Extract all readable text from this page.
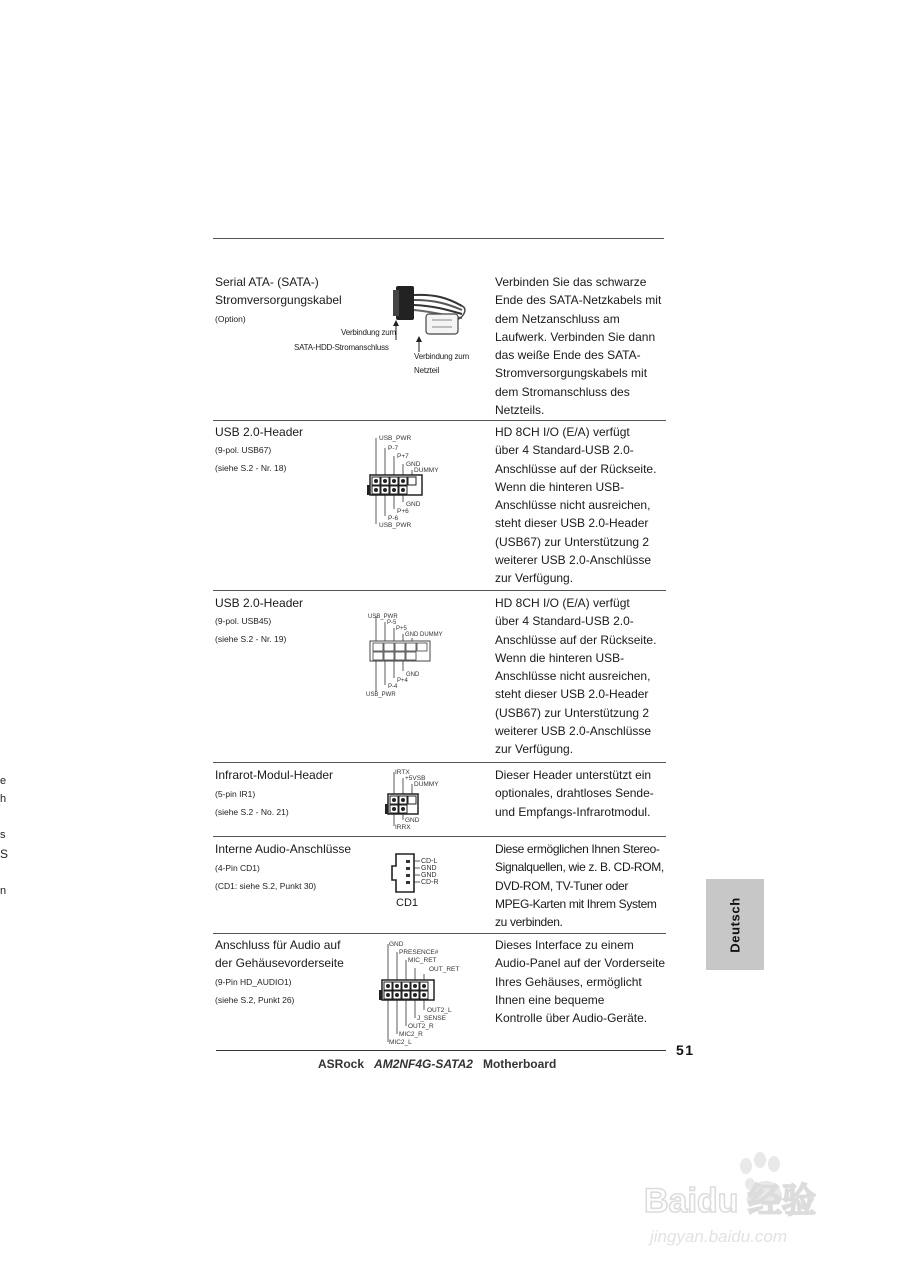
Serial ATA- (SATA-)
Stromversorgungskabel
(Option)
Verbindung zum
SATA-HDD-Stromanschluss
Verbindung zum
Netzteil
Verbinden Sie das schwarze
Ende des SATA-Netzkabels mit
dem Netzanschluss am
Laufwerk. Verbinden Sie dann
das weiße Ende des SATA-
Stromversorgungskabels mit
dem Stromanschluss des
Netzteils.
USB 2.0-Header
(9-pol. USB67)
(siehe S.2 - Nr. 18)
USB_PWR
P-7
P+7
GND
DUMMY
GND
P+6
P-6
USB_PWR
HD 8CH I/O (E/A) verfügt
über 4 Standard-USB 2.0-
Anschlüsse auf der Rückseite.
Wenn die hinteren USB-
Anschlüsse nicht ausreichen,
steht dieser USB 2.0-Header
(USB67) zur Unterstützung 2
weiterer USB 2.0-Anschlüsse
zur Verfügung.
USB 2.0-Header
(9-pol. USB45)
(siehe S.2 - Nr. 19)
USB_PWR
P-5
P+5
GND DUMMY
GND
P+4
P-4
USB_PWR
HD 8CH I/O (E/A) verfügt
über 4 Standard-USB 2.0-
Anschlüsse auf der Rückseite.
Wenn die hinteren USB-
Anschlüsse nicht ausreichen,
steht dieser USB 2.0-Header
(USB67) zur Unterstützung 2
weiterer USB 2.0-Anschlüsse
zur Verfügung.
Infrarot-Modul-Header
(5-pin IR1)
(siehe S.2 - No. 21)
IRTX
+5VSB
DUMMY
GND
IRRX
Dieser Header unterstützt ein
optionales, drahtloses Sende-
und Empfangs-Infrarotmodul.
Interne Audio-Anschlüsse
(4-Pin CD1)
(CD1: siehe S.2, Punkt 30)
CD-L
GND
GND
CD-R
CD1
Diese ermöglichen Ihnen Stereo-
Signalquellen, wie z. B. CD-ROM,
DVD-ROM, TV-Tuner oder
MPEG-Karten mit Ihrem System
zu verbinden.
Anschluss für Audio auf
der Gehäusevorderseite
(9-Pin HD_AUDIO1)
(siehe S.2, Punkt 26)
GND
PRESENCE#
MIC_RET
OUT_RET
OUT2_L
J_SENSE
OUT2_R
MIC2_R
MIC2_L
Dieses Interface zu einem
Audio-Panel auf der Vorderseite
Ihres Gehäuses, ermöglicht
Ihnen eine bequeme
Kontrolle über Audio-Geräte.
51
ASRock AM2NF4G-SATA2 Motherboard
Deutsch
e
h
s
S
n
Baidu 经验
jingyan.baidu.com
